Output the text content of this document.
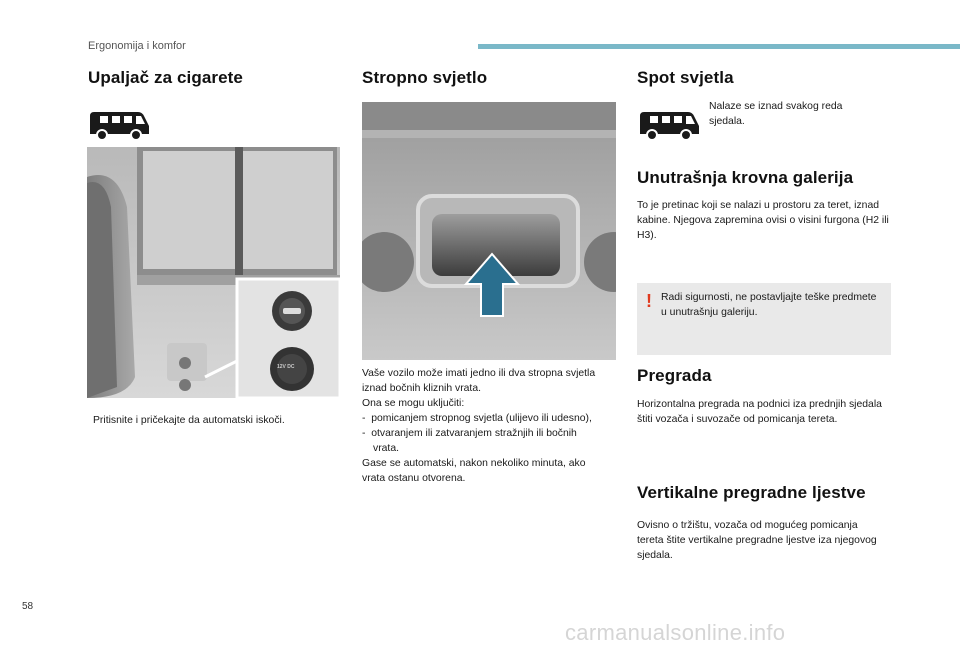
Ergonomija i komfor
Upaljač za cigarete
12V DC
Pritisnite i pričekajte da automatski iskoči.
Stropno svjetlo

Vaše vozilo može imati jedno ili dva stropna svjetla iznad bočnih kliznih vrata.

Ona se mogu uključiti:

-  pomicanjem stropnog svjetla (ulijevo ili udesno),

-  otvaranjem ili zatvaranjem stražnjih ili bočnih vrata.

Gase se automatski, nakon nekoliko minuta, ako vrata ostanu otvorena.

Spot svjetla
Nalaze se iznad svakog reda sjedala.
Unutrašnja krovna galerija
To je pretinac koji se nalazi u prostoru za teret, iznad kabine. Njegova zapremina ovisi o visini furgona (H2 ili H3).
! Radi sigurnosti, ne postavljajte teške predmete u unutrašnju galeriju.
Pregrada
Horizontalna pregrada na podnici iza prednjih sjedala štiti vozača i suvozače od pomicanja tereta.
Vertikalne pregradne ljestve
Ovisno o tržištu, vozača od mogućeg pomicanja tereta štite vertikalne pregradne ljestve iza njegovog sjedala.
58
carmanualsonline.info
